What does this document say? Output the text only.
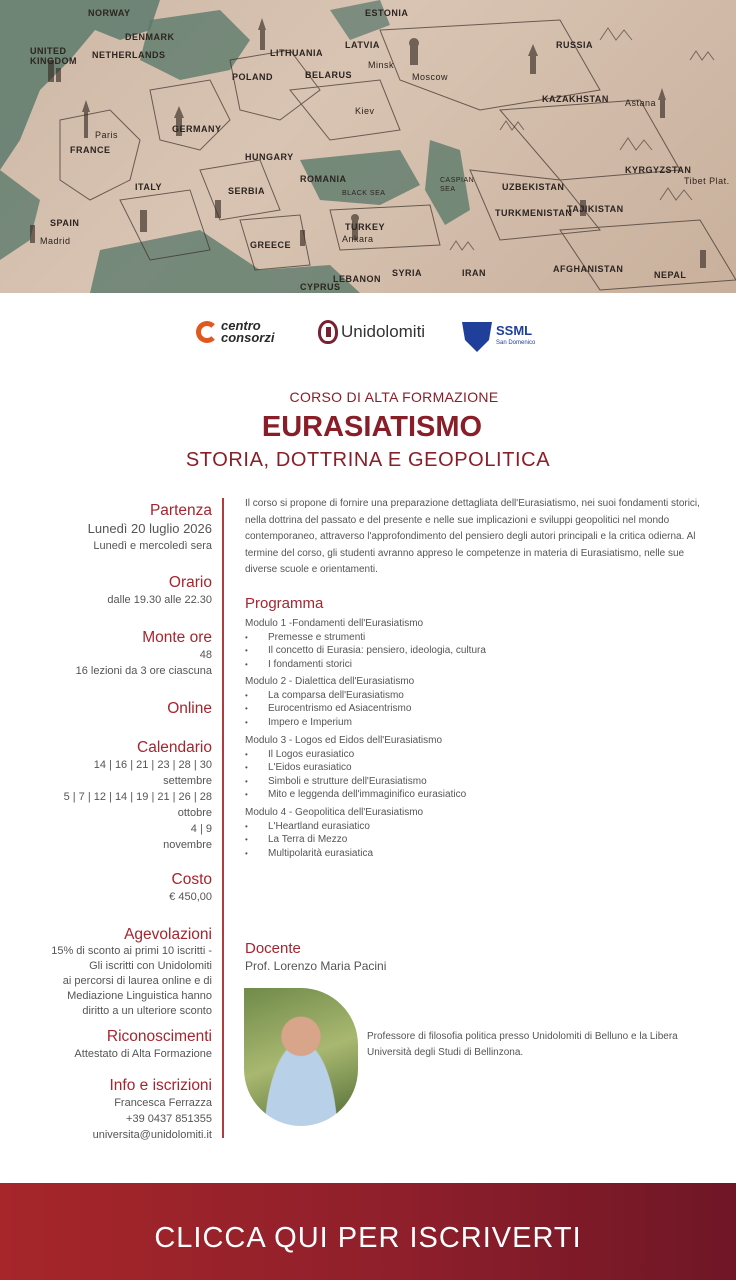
NORWAY	ESTONIA
DENMARK
LATVIA	RUSSIA
UNITED KINGDOM
NETHERLANDS	LITHUANIA
Minsk
BELARUS	Moscow
POLAND
Kiev
KAZAKHSTAN Astana
FRANCE
GERMANY
HUNGARY
ROMANIA
UZBEKISTAN
KYRGYZSTAN
SPAIN
ITALY	SERBIA	BLACK SEA
CASPIAN SEA
TURKMENISTAN
TAJIKISTAN
Tibet Plat.
GREECE
TURKEY
Ankara
LEBANON
CYPRUS
SYRIA	IRAN	AFGHANISTAN
NEPAL
Madrid
Paris
centro
consorzi	Unidolomiti	SSML
San Domenico
CORSO DI ALTA FORMAZIONE
EURASIATISMO
STORIA, DOTTRINA E GEOPOLITICA
Partenza
Lunedì 20 luglio 2026
Lunedì e mercoledì sera
Orario
dalle 19.30 alle 22.30
Monte ore
48
16 lezioni da 3 ore ciascuna
Online
Calendario
14 | 16 | 21 | 23 | 28 | 30
settembre
5 | 7 | 12 | 14 | 19 | 21 | 26 | 28
ottobre
4 | 9
novembre
Costo
€ 450,00
Agevolazioni
15% di sconto ai primi 10 iscritti -
Gli iscritti con Unidolomiti
ai percorsi di laurea online e di
Mediazione Linguistica hanno
diritto a un ulteriore sconto
Riconoscimenti
Attestato di Alta Formazione
Info e iscrizioni
Francesca Ferrazza
+39 0437 851355
universita@unidolomiti.it
Il corso si propone di fornire una preparazione dettagliata dell'Eurasiatismo, nei suoi fondamenti storici, nella dottrina del passato e del presente e nelle sue implicazioni e sviluppi geopolitici nel mondo contemporaneo, attraverso l'approfondimento del pensiero degli autori principali e la critica odierna. Al termine del corso, gli studenti avranno appreso le competenze in materia di Eurasiatismo, nelle sue diverse scuole e orientamenti.
Programma
Modulo 1 -Fondamenti dell'Eurasiatismo
• Premesse e strumenti
• Il concetto di Eurasia: pensiero, ideologia, cultura
• I fondamenti storici
Modulo 2 - Dialettica dell'Eurasiatismo
• La comparsa dell'Eurasiatismo
• Eurocentrismo ed Asiacentrismo
• Impero e Imperium
Modulo 3 - Logos ed Eidos dell'Eurasiatismo
• Il Logos eurasiatico
• L'Eidos eurasiatico
• Simboli e strutture dell'Eurasiatismo
• Mito e leggenda dell'immaginifico eurasiatico
Modulo 4 - Geopolitica dell'Eurasiatismo
• L'Heartland eurasiatico
• La Terra di Mezzo
• Multipolarità eurasiatica
Docente
Prof. Lorenzo Maria Pacini
Professore di filosofia politica presso Unidolomiti di Belluno e la Libera Università degli Studi di Bellinzona.
CLICCA QUI PER ISCRIVERTI
